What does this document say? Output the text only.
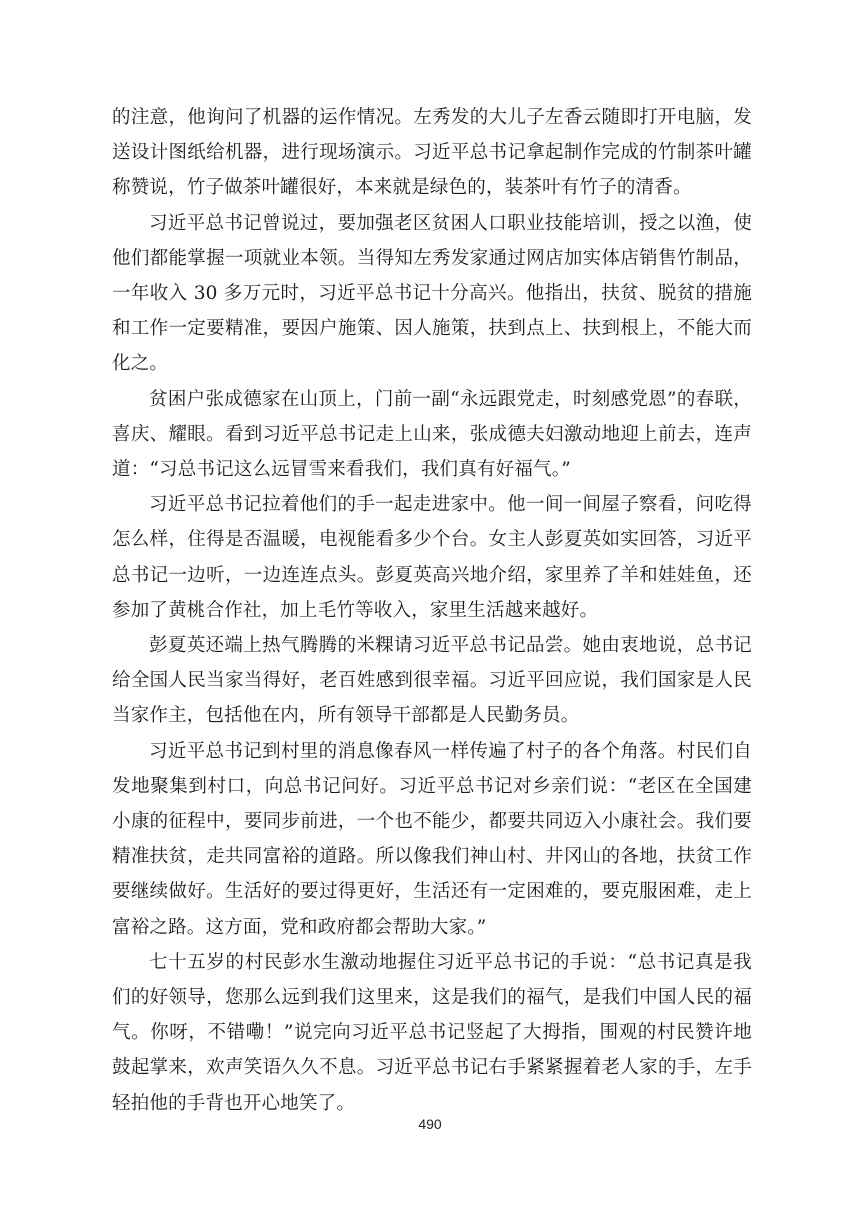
的注意，他询问了机器的运作情况。左秀发的大儿子左香云随即打开电脑，发送设计图纸给机器，进行现场演示。习近平总书记拿起制作完成的竹制茶叶罐称赞说，竹子做茶叶罐很好，本来就是绿色的，装茶叶有竹子的清香。

习近平总书记曾说过，要加强老区贫困人口职业技能培训，授之以渔，使他们都能掌握一项就业本领。当得知左秀发家通过网店加实体店销售竹制品，一年收入 30 多万元时，习近平总书记十分高兴。他指出，扶贫、脱贫的措施和工作一定要精准，要因户施策、因人施策，扶到点上、扶到根上，不能大而化之。

贫困户张成德家在山顶上，门前一副“永远跟党走，时刻感党恩”的春联，喜庆、耀眼。看到习近平总书记走上山来，张成德夫妇激动地迎上前去，连声道：“习总书记这么远冒雪来看我们，我们真有好福气。”

习近平总书记拉着他们的手一起走进家中。他一间一间屋子察看，问吃得怎么样，住得是否温暖，电视能看多少个台。女主人彭夏英如实回答，习近平总书记一边听，一边连连点头。彭夏英高兴地介绍，家里养了羊和娃娃鱼，还参加了黄桃合作社，加上毛竹等收入，家里生活越来越好。

彭夏英还端上热气腾腾的米粿请习近平总书记品尝。她由衷地说，总书记给全国人民当家当得好，老百姓感到很幸福。习近平回应说，我们国家是人民当家作主，包括他在内，所有领导干部都是人民勤务员。

习近平总书记到村里的消息像春风一样传遍了村子的各个角落。村民们自发地聚集到村口，向总书记问好。习近平总书记对乡亲们说：“老区在全国建小康的征程中，要同步前进，一个也不能少，都要共同迈入小康社会。我们要精准扶贫，走共同富裕的道路。所以像我们神山村、井冈山的各地，扶贫工作要继续做好。生活好的要过得更好，生活还有一定困难的，要克服困难，走上富裕之路。这方面，党和政府都会帮助大家。”

七十五岁的村民彭水生激动地握住习近平总书记的手说：“总书记真是我们的好领导，您那么远到我们这里来，这是我们的福气，是我们中国人民的福气。你呀，不错嘞！”说完向习近平总书记竖起了大拇指，围观的村民赞许地鼓起掌来，欢声笑语久久不息。习近平总书记右手紧紧握着老人家的手，左手轻拍他的手背也开心地笑了。

490
